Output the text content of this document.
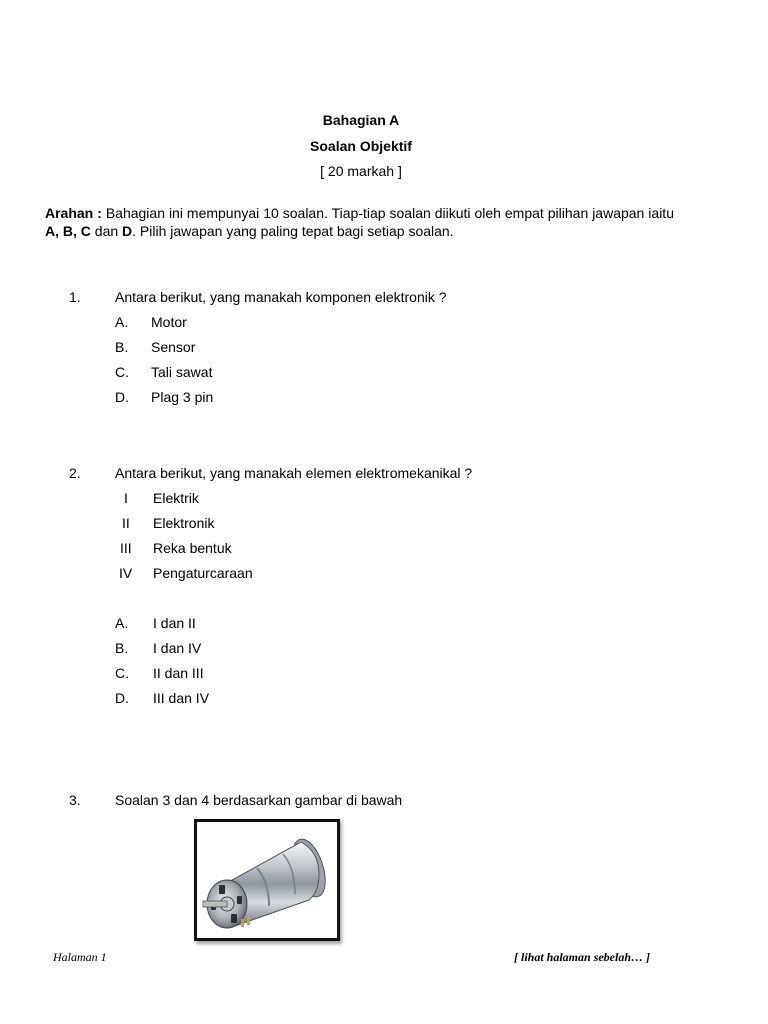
Bahagian A
Soalan Objektif
[ 20 markah ]
Arahan : Bahagian ini mempunyai 10 soalan. Tiap-tiap soalan diikuti oleh empat pilihan jawapan iaitu A, B, C dan D. Pilih jawapan yang paling tepat bagi setiap soalan.
1. Antara berikut, yang manakah komponen elektronik ?
A. Motor
B. Sensor
C. Tali sawat
D. Plag 3 pin
2. Antara berikut, yang manakah elemen elektromekanikal ?
I Elektrik
II Elektronik
III Reka bentuk
IV Pengaturcaraan
A. I dan II
B. I dan IV
C. II dan III
D. III dan IV
3. Soalan 3 dan 4 berdasarkan gambar di bawah
Halaman 1	[ lihat halaman sebelah… ]
